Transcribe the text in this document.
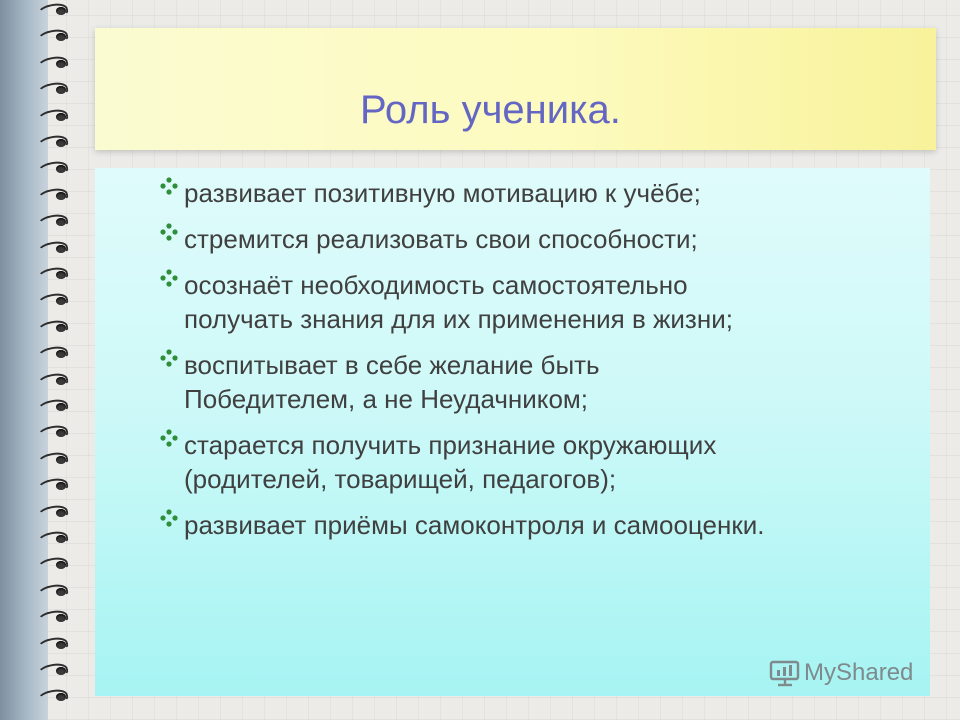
Роль ученика.
развивает позитивную мотивацию к учёбе;
стремится реализовать свои способности;
осознаёт необходимость самостоятельно
получать знания для их применения в жизни;
воспитывает в себе желание быть
Победителем, а не Неудачником;
старается получить признание окружающих
(родителей, товарищей, педагогов);
развивает приёмы самоконтроля и самооценки.
MyShared
